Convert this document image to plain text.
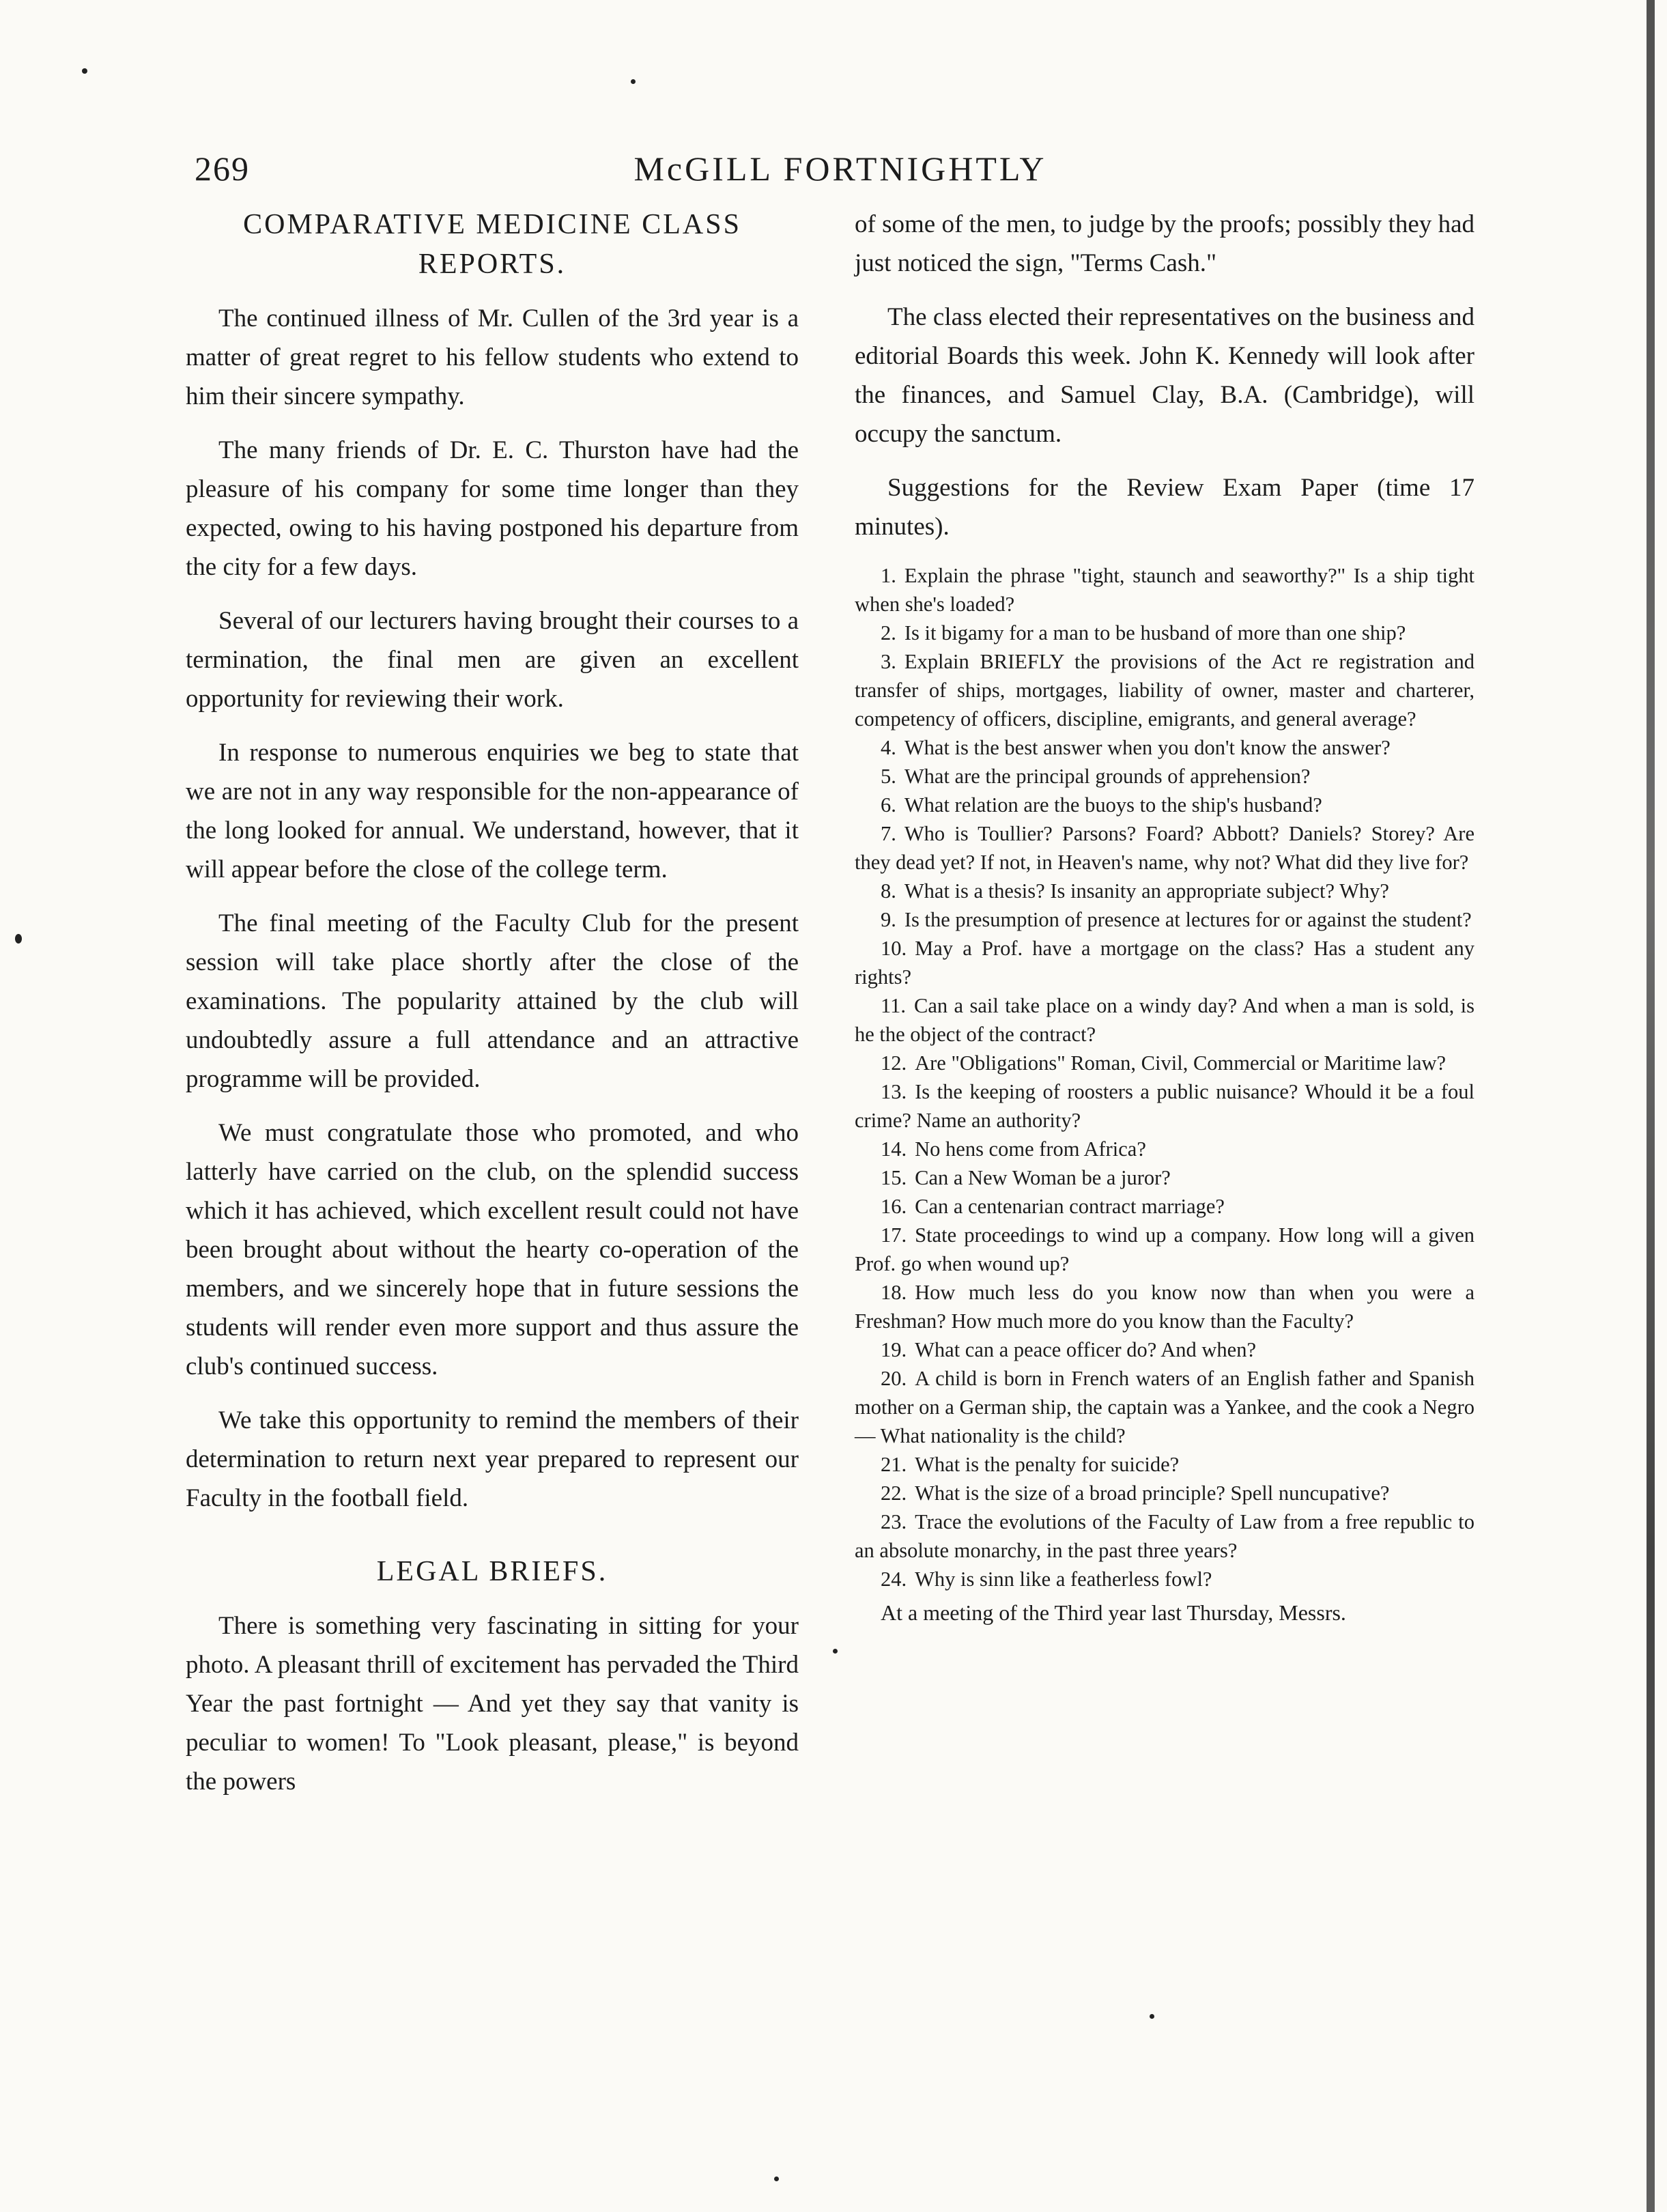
269	McGILL FORTNIGHTLY
COMPARATIVE MEDICINE CLASS REPORTS.

The continued illness of Mr. Cullen of the 3rd year is a matter of great regret to his fellow students who extend to him their sincere sympathy.

The many friends of Dr. E. C. Thurston have had the pleasure of his company for some time longer than they expected, owing to his having postponed his departure from the city for a few days.

Several of our lecturers having brought their courses to a termination, the final men are given an excellent opportunity for reviewing their work.

In response to numerous enquiries we beg to state that we are not in any way responsible for the non-appearance of the long looked for annual. We understand, however, that it will appear before the close of the college term.

The final meeting of the Faculty Club for the present session will take place shortly after the close of the examinations. The popularity attained by the club will undoubtedly assure a full attendance and an attractive programme will be provided.

We must congratulate those who promoted, and who latterly have carried on the club, on the splendid success which it has achieved, which excellent result could not have been brought about without the hearty co-operation of the members, and we sincerely hope that in future sessions the students will render even more support and thus assure the club's continued success.

We take this opportunity to remind the members of their determination to return next year prepared to represent our Faculty in the football field.

LEGAL BRIEFS.

There is something very fascinating in sitting for your photo. A pleasant thrill of excitement has pervaded the Third Year the past fortnight — And yet they say that vanity is peculiar to women! To "Look pleasant, please," is beyond the powers

of some of the men, to judge by the proofs; possibly they had just noticed the sign, "Terms Cash."

The class elected their representatives on the business and editorial Boards this week. John K. Kennedy will look after the finances, and Samuel Clay, B.A. (Cambridge), will occupy the sanctum.

Suggestions for the Review Exam Paper (time 17 minutes).

1. Explain the phrase "tight, staunch and seaworthy?" Is a ship tight when she's loaded?

2. Is it bigamy for a man to be husband of more than one ship?

3. Explain BRIEFLY the provisions of the Act re registration and transfer of ships, mortgages, liability of owner, master and charterer, competency of officers, discipline, emigrants, and general average?

4. What is the best answer when you don't know the answer?

5. What are the principal grounds of apprehension?

6. What relation are the buoys to the ship's husband?

7. Who is Toullier? Parsons? Foard? Abbott? Daniels? Storey? Are they dead yet? If not, in Heaven's name, why not? What did they live for?

8. What is a thesis? Is insanity an appropriate subject? Why?

9. Is the presumption of presence at lectures for or against the student?

10. May a Prof. have a mortgage on the class? Has a student any rights?

11. Can a sail take place on a windy day? And when a man is sold, is he the object of the contract?

12. Are "Obligations" Roman, Civil, Commercial or Maritime law?

13. Is the keeping of roosters a public nuisance? Whould it be a foul crime? Name an authority?

14. No hens come from Africa?

15. Can a New Woman be a juror?

16. Can a centenarian contract marriage?

17. State proceedings to wind up a company. How long will a given Prof. go when wound up?

18. How much less do you know now than when you were a Freshman? How much more do you know than the Faculty?

19. What can a peace officer do? And when?

20. A child is born in French waters of an English father and Spanish mother on a German ship, the captain was a Yankee, and the cook a Negro — What nationality is the child?

21. What is the penalty for suicide?

22. What is the size of a broad principle? Spell nuncupative?

23. Trace the evolutions of the Faculty of Law from a free republic to an absolute monarchy, in the past three years?

24. Why is sinn like a featherless fowl?

At a meeting of the Third year last Thursday, Messrs.
